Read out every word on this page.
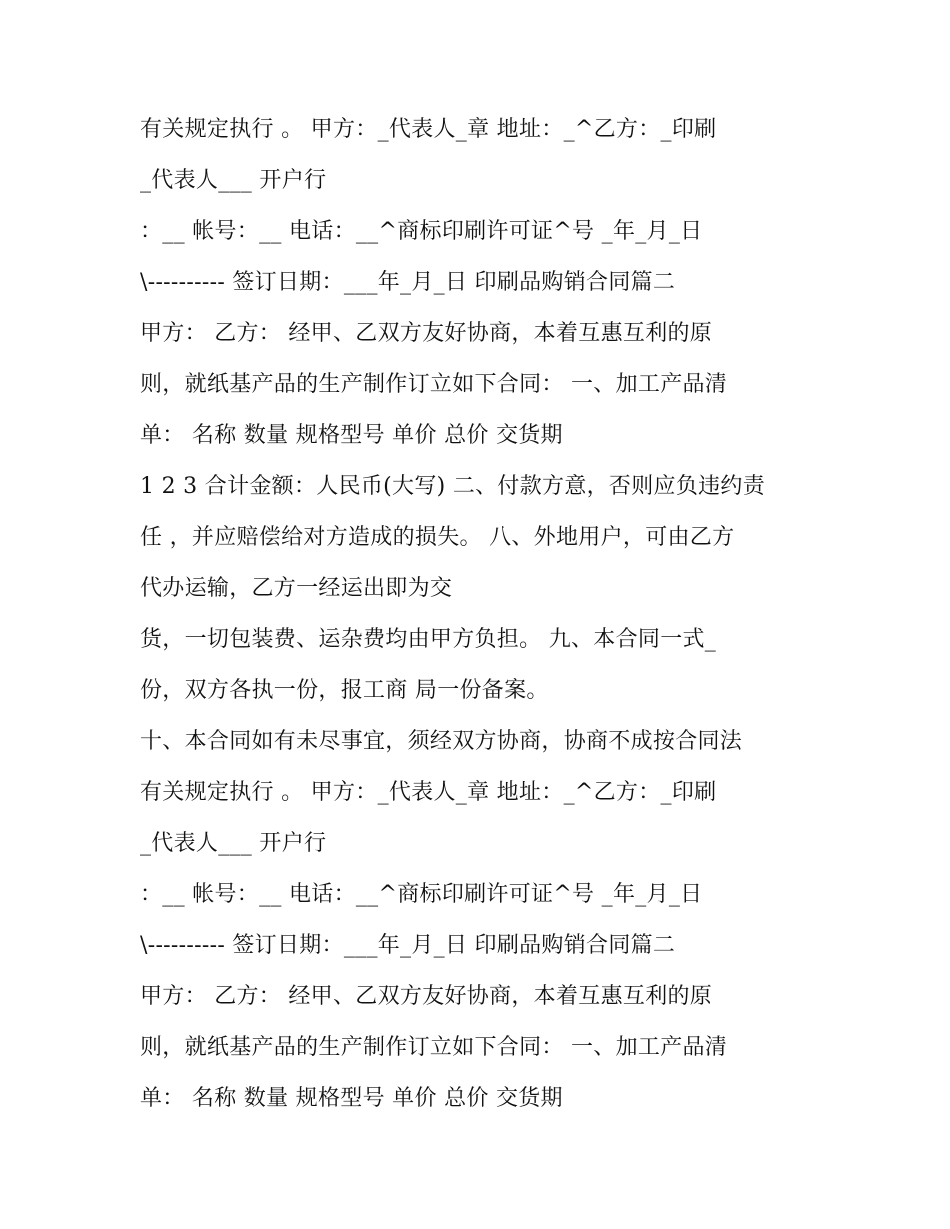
有关规定执行 。 甲方：_代表人_章 地址：_^乙方：_印刷
_代表人___ 开户行
：__ 帐号：__ 电话：__^商标印刷许可证^号 _年_月_日
\---------- 签订日期：___年_月_日 印刷品购销合同篇二
甲方： 乙方： 经甲、乙双方友好协商，本着互惠互利的原
则，就纸基产品的生产制作订立如下合同： 一、加工产品清
单： 名称 数量 规格型号 单价 总价 交货期
1 2 3 合计金额：人民币(大写) 二、付款方意，否则应负违约责
任 ，并应赔偿给对方造成的损失。 八、外地用户，可由乙方
代办运输，乙方一经运出即为交
货，一切包装费、运杂费均由甲方负担。 九、本合同一式_
份，双方各执一份，报工商 局一份备案。
十、本合同如有未尽事宜，须经双方协商，协商不成按合同法
有关规定执行 。 甲方：_代表人_章 地址：_^乙方：_印刷
_代表人___ 开户行
：__ 帐号：__ 电话：__^商标印刷许可证^号 _年_月_日
\---------- 签订日期：___年_月_日 印刷品购销合同篇二
甲方： 乙方： 经甲、乙双方友好协商，本着互惠互利的原
则，就纸基产品的生产制作订立如下合同： 一、加工产品清
单： 名称 数量 规格型号 单价 总价 交货期
